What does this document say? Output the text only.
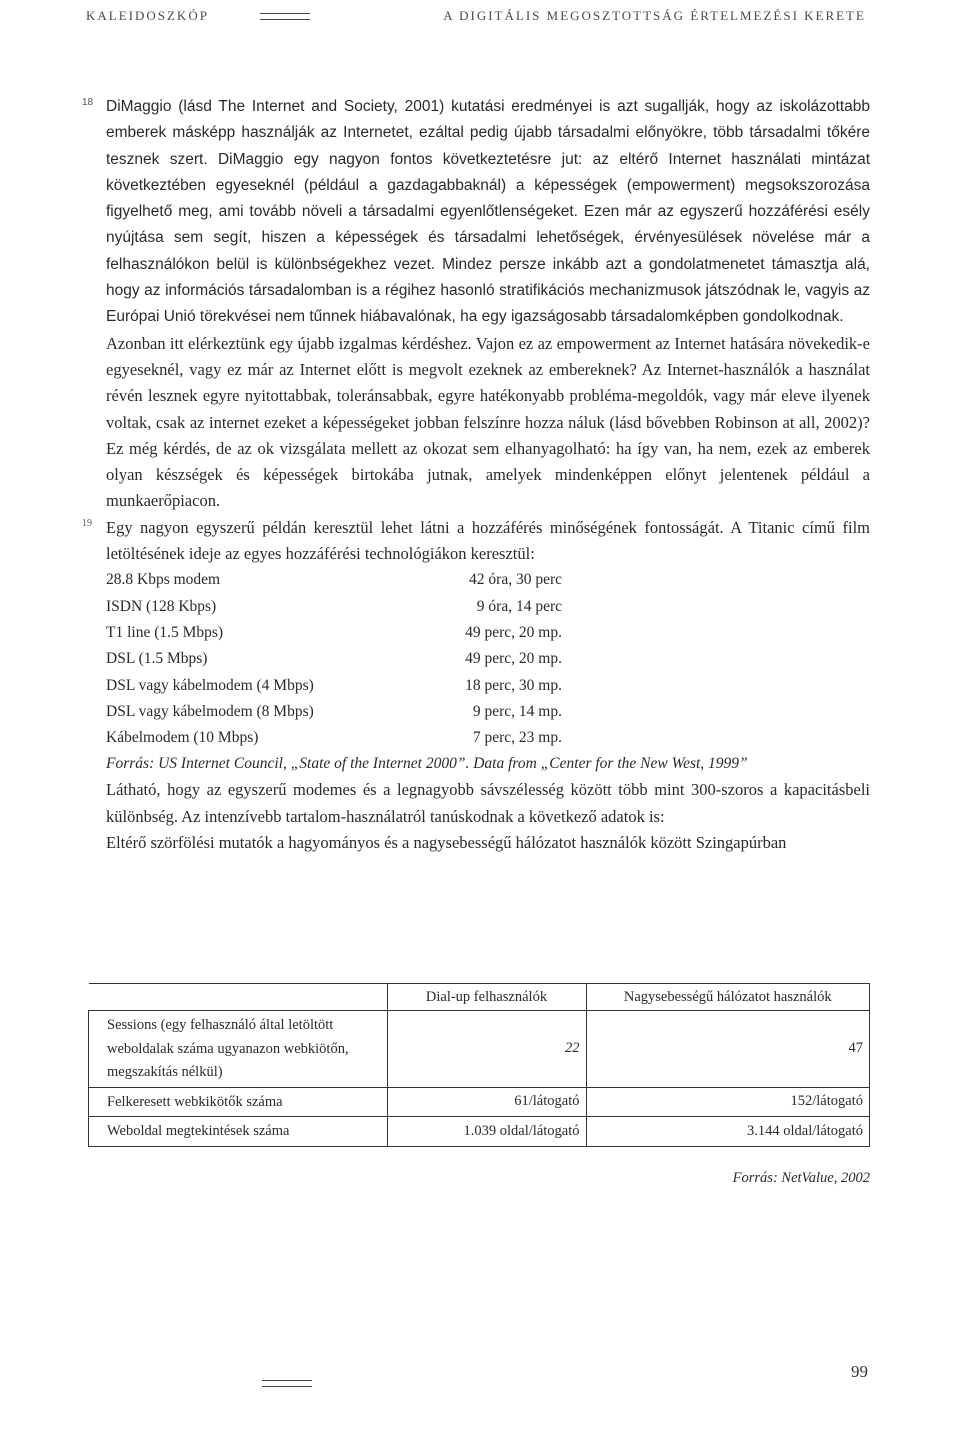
KALEIDOSZKÓP	A DIGITÁLIS MEGOSZTOTTSÁG ÉRTELMEZÉSI KERETE
18 DiMaggio (lásd The Internet and Society, 2001) kutatási eredményei is azt sugallják, hogy az iskolázottabb emberek másképp használják az Internetet, ezáltal pedig újabb társadalmi előnyökre, több társadalmi tőkére tesznek szert. DiMaggio egy nagyon fontos következtetésre jut: az eltérő Internet használati mintázat következtében egyeseknél (például a gazdagabbaknál) a képességek (empowerment) megsokszorozása figyelhető meg, ami tovább növeli a társadalmi egyenlőtlenségeket. Ezen már az egyszerű hozzáférési esély nyújtása sem segít, hiszen a képességek és társadalmi lehetőségek, érvényesülések növelése már a felhasználókon belül is különbségekhez vezet. Mindez persze inkább azt a gondolatmenetet támasztja alá, hogy az információs társadalomban is a régihez hasonló stratifikációs mechanizmusok játszódnak le, vagyis az Európai Unió törekvései nem tűnnek hiábavalónak, ha egy igazságosabb társadalomképben gondolkodnak.

Azonban itt elérkeztünk egy újabb izgalmas kérdéshez. Vajon ez az empowerment az Internet hatására növekedik-e egyeseknél, vagy ez már az Internet előtt is megvolt ezeknek az embereknek? Az Internet-használók a használat révén lesznek egyre nyitottabbak, toleránsabbak, egyre hatékonyabb probléma-megoldók, vagy már eleve ilyenek voltak, csak az internet ezeket a képességeket jobban felszínre hozza náluk (lásd bővebben Robinson at all, 2002)? Ez még kérdés, de az ok vizsgálata mellett az okozat sem elhanyagolható: ha így van, ha nem, ezek az emberek olyan készségek és képességek birtokába jutnak, amelyek mindenképpen előnyt jelentenek például a munkaerőpiacon.

19 Egy nagyon egyszerű példán keresztül lehet látni a hozzáférés minőségének fontosságát. A Titanic című film letöltésének ideje az egyes hozzáférési technológiákon keresztül:

28.8 Kbps modem	42 óra, 30 perc
ISDN (128 Kbps)	9 óra, 14 perc
T1 line (1.5 Mbps)	49 perc, 20 mp.
DSL (1.5 Mbps)	49 perc, 20 mp.
DSL vagy kábelmodem (4 Mbps)	18 perc, 30 mp.
DSL vagy kábelmodem (8 Mbps)	9 perc, 14 mp.
Kábelmodem (10 Mbps)	7 perc, 23 mp.
Forrás: US Internet Council, „State of the Internet 2000”. Data from „Center for the New West, 1999”

Látható, hogy az egyszerű modemes és a legnagyobb sávszélesség között több mint 300-szoros a kapacitásbeli különbség. Az intenzívebb tartalom-használatról tanúskodnak a következő adatok is:

Eltérő szörfölési mutatók a hagyományos és a nagysebességű hálózatot használók között Szingapúrban

	Dial-up felhasználók	Nagysebességű hálózatot használók
Sessions (egy felhasználó által letöltött weboldalak száma ugyanazon webkiötőn, megszakítás nélkül)	22	47
Felkeresett webkikötők száma	61/látogató	152/látogató
Weboldal megtekintések száma	1.039 oldal/látogató	3.144 oldal/látogató
Forrás: NetValue, 2002
99
